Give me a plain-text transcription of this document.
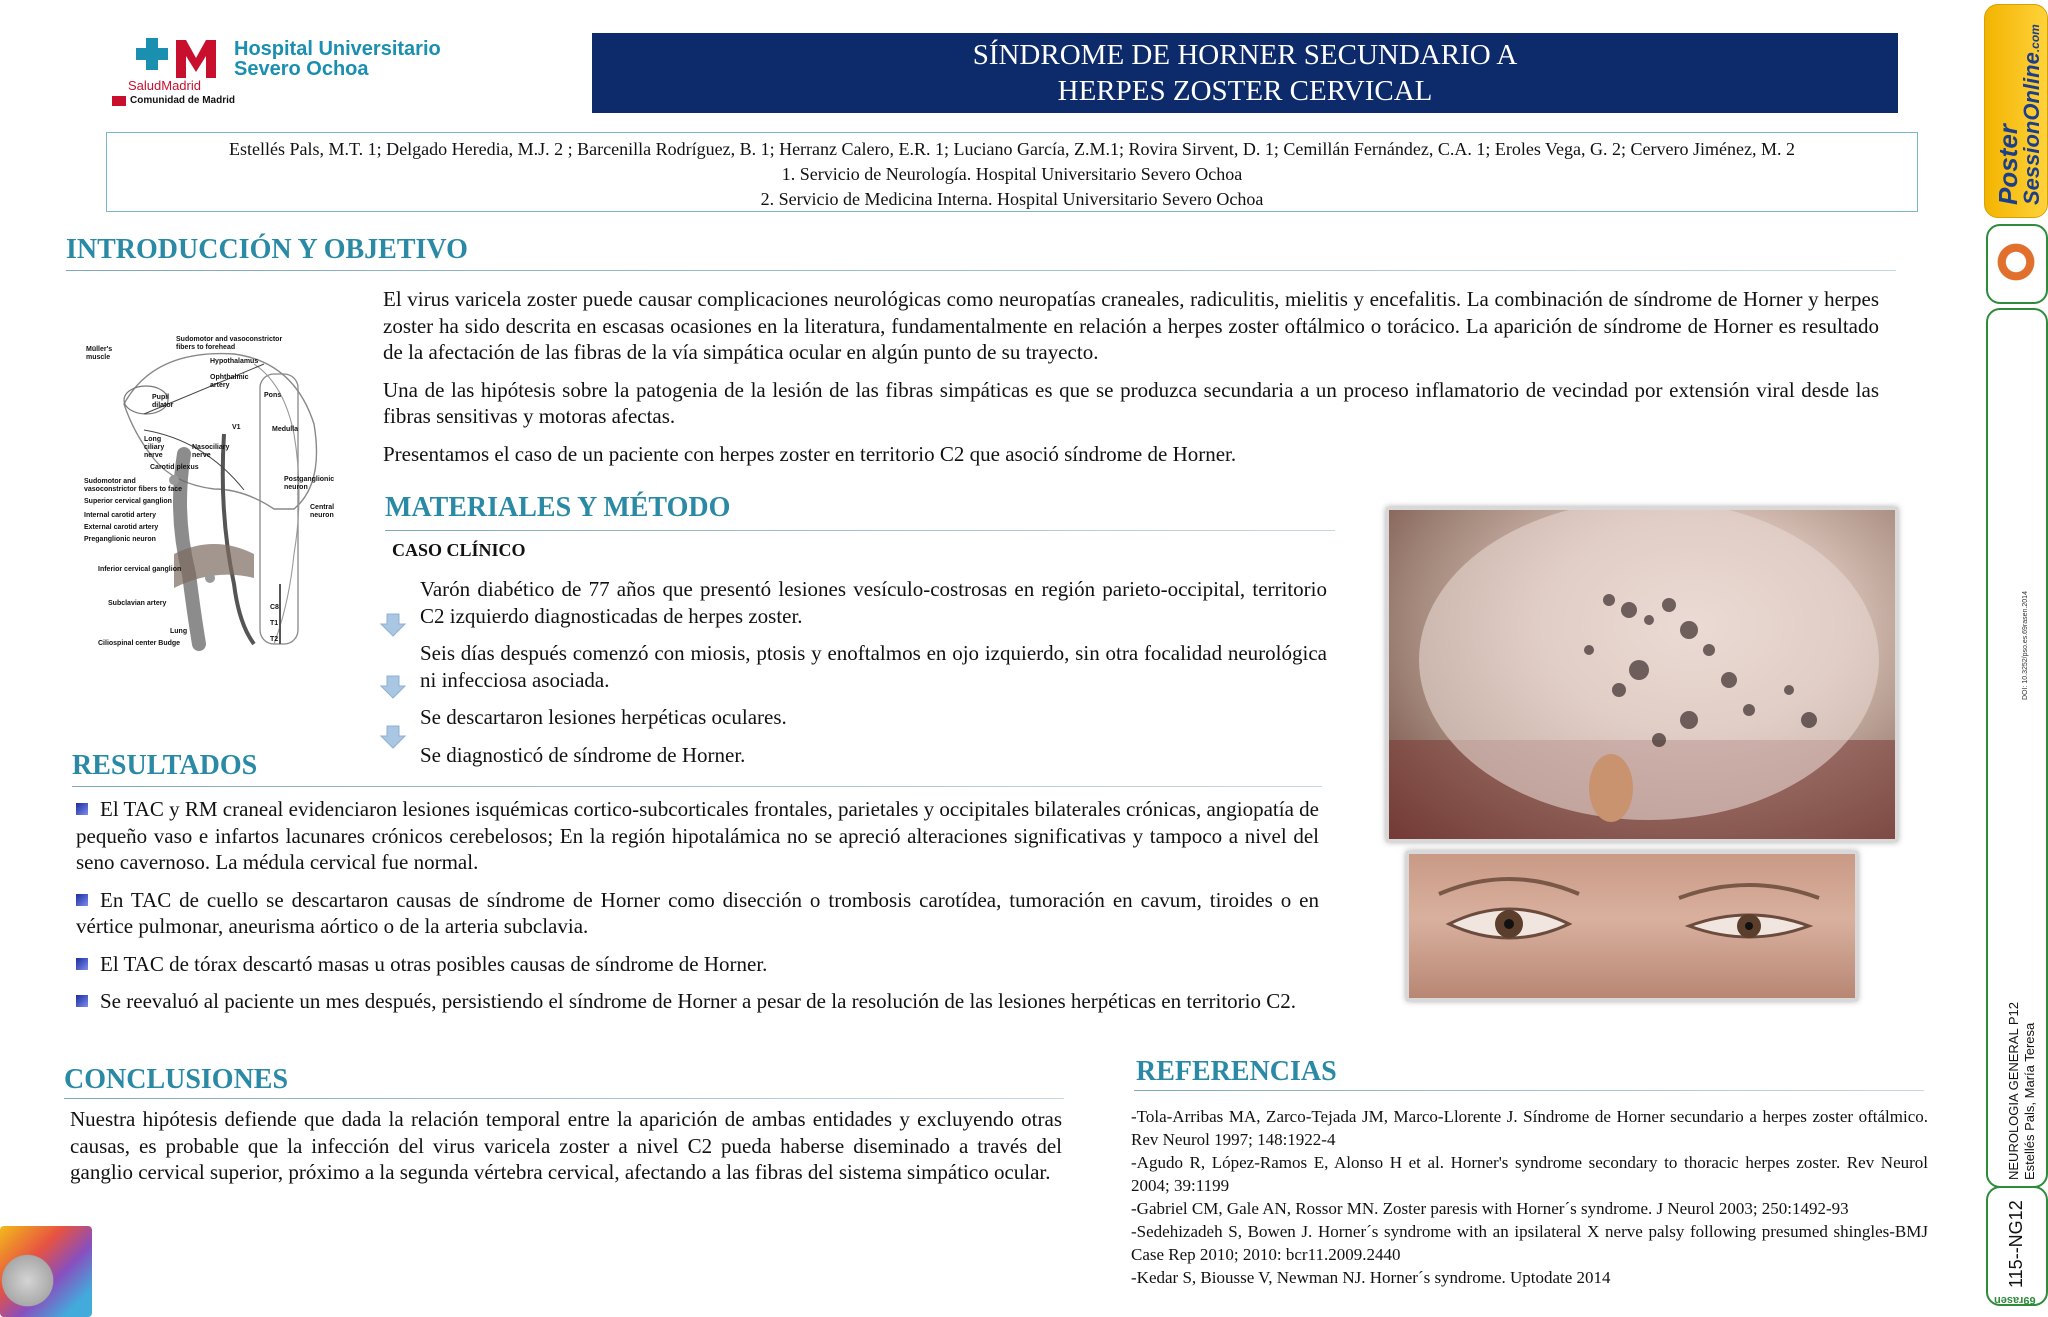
Hospital Universitario
Severo Ochoa
SaludMadrid
Comunidad de Madrid
SÍNDROME DE HORNER SECUNDARIO A
HERPES ZOSTER CERVICAL
Estellés Pals, M.T. 1; Delgado Heredia, M.J. 2 ; Barcenilla Rodríguez, B. 1; Herranz Calero, E.R. 1; Luciano García, Z.M.1; Rovira Sirvent, D. 1; Cemillán Fernández, C.A. 1; Eroles Vega, G. 2; Cervero Jiménez, M. 2
1. Servicio de Neurología. Hospital Universitario Severo Ochoa
2. Servicio de Medicina Interna. Hospital Universitario Severo Ochoa
INTRODUCCIÓN Y OBJETIVO
Sudomotor and vasoconstrictor fibers to forehead
Müller's muscle
Hypothalamus
Ophthalmic artery
Pupil dilator
Pons
Medulla
Long ciliary nerve
Nasociliary nerve
Carotid plexus
Sudomotor and vasoconstrictor fibers to face
Superior cervical ganglion
Internal carotid artery
External carotid artery
Preganglionic neuron
Postganglionic neuron
Central neuron
Inferior cervical ganglion
Subclavian artery
Lung
Ciliospinal center Budge
C8
T1
T2
V1

El virus varicela zoster puede causar complicaciones neurológicas como neuropatías craneales, radiculitis, mielitis y encefalitis. La combinación de síndrome de Horner y herpes zoster ha sido descrita en escasas ocasiones en la literatura, fundamentalmente en relación a herpes zoster oftálmico o torácico. La aparición de síndrome de Horner es resultado de la afectación de las fibras de la vía simpática ocular en algún punto de su trayecto.

Una de las hipótesis sobre la patogenia de la lesión de las fibras simpáticas es que se produzca secundaria a un proceso inflamatorio de vecindad por extensión viral desde las fibras sensitivas y motoras afectas.

Presentamos el caso de un paciente con herpes zoster en territorio C2 que asoció síndrome de Horner.

MATERIALES Y MÉTODO
CASO CLÍNICO

Varón diabético de 77 años que presentó lesiones vesículo-costrosas en región parieto-occipital, territorio C2 izquierdo diagnosticadas de herpes zoster.

Seis días después comenzó con miosis, ptosis y enoftalmos en ojo izquierdo, sin otra focalidad neurológica ni infecciosa asociada.

Se descartaron lesiones herpéticas oculares.

Se diagnosticó de síndrome de Horner.

RESULTADOS

El TAC y RM craneal evidenciaron lesiones isquémicas cortico-subcorticales frontales, parietales y occipitales bilaterales crónicas, angiopatía de pequeño vaso e infartos lacunares crónicos cerebelosos; En la región hipotalámica no se apreció alteraciones significativas y tampoco a nivel del seno cavernoso. La médula cervical fue normal.

En TAC de cuello se descartaron causas de síndrome de Horner como disección o trombosis carotídea, tumoración en cavum, tiroides o en vértice pulmonar, aneurisma aórtico o de la arteria subclavia.

El TAC de tórax descartó masas u otras posibles causas de síndrome de Horner.

Se reevaluó al paciente un mes después, persistiendo el síndrome de Horner a pesar de la resolución de las lesiones herpéticas en territorio C2.

CONCLUSIONES
Nuestra hipótesis defiende que dada la relación temporal entre la aparición de ambas entidades y excluyendo otras causas, es probable que la infección del virus varicela zoster a nivel C2 pueda haberse diseminado a través del ganglio cervical superior, próximo a la segunda vértebra cervical, afectando a las fibras del sistema simpático ocular.
REFERENCIAS
-Tola-Arribas MA, Zarco-Tejada JM, Marco-Llorente J. Síndrome de Horner secundario a herpes zoster oftálmico. Rev Neurol 1997; 148:1922-4
-Agudo R, López-Ramos E, Alonso H et al. Horner's syndrome secondary to thoracic herpes zoster. Rev Neurol 2004; 39:1199
-Gabriel CM, Gale AN, Rossor MN. Zoster paresis with Horner´s syndrome. J Neurol 2003; 250:1492-93
-Sedehizadeh S, Bowen J. Horner´s syndrome with an ipsilateral X nerve palsy following presumed shingles-BMJ Case Rep 2010; 2010: bcr11.2009.2440
-Kedar S, Biousse V, Newman NJ. Horner´s syndrome. Uptodate 2014
Poster
SessionOnline.com
DOI: 10.3252/pso.es.69rasen.2014
NEUROLOGIA GENERAL P12 Estellés Pals, María Teresa
115--NG12
69rasen
